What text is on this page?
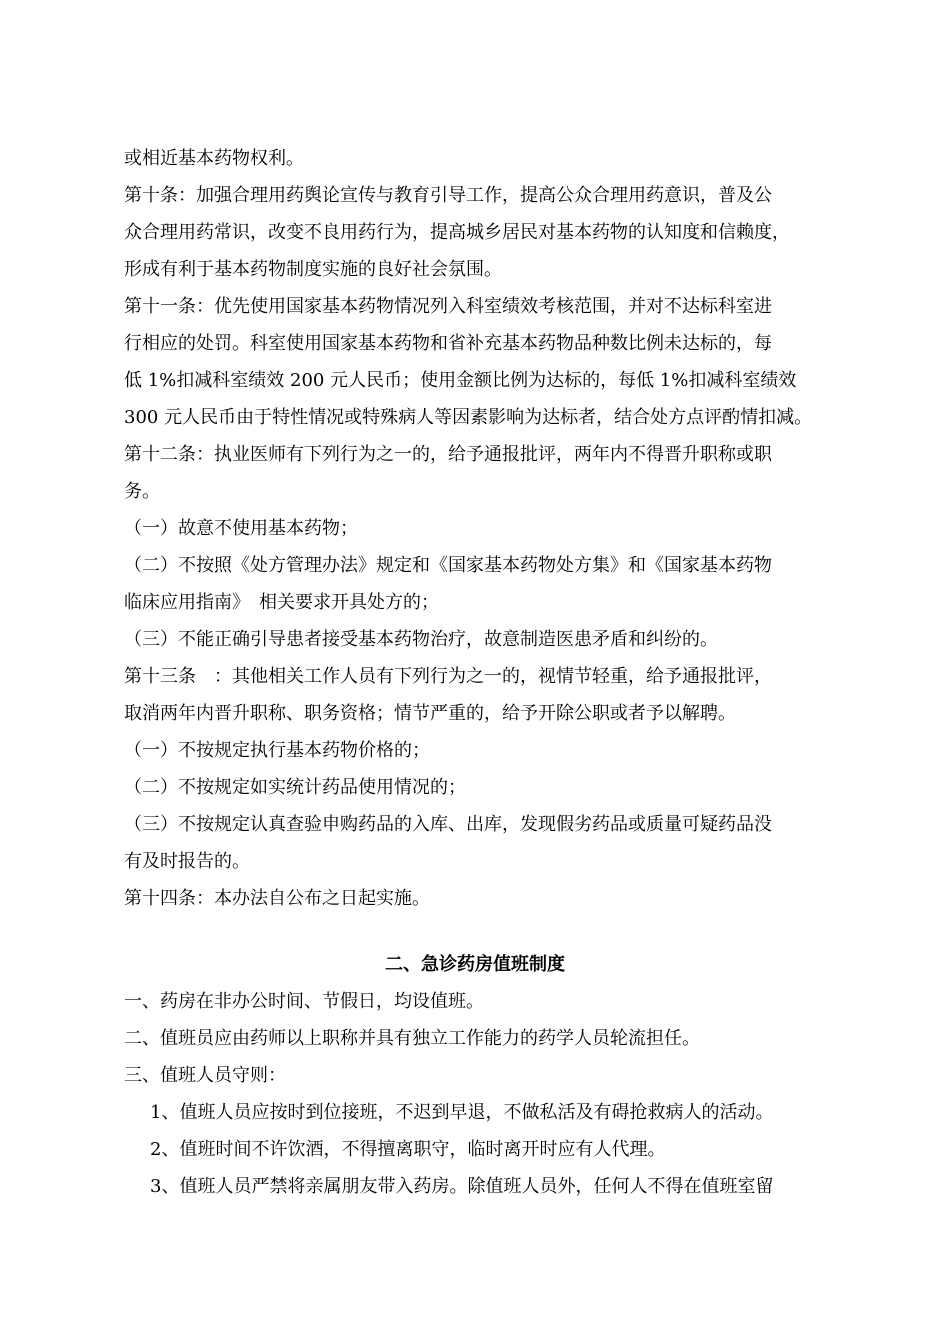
或相近基本药物权利。
第十条：加强合理用药舆论宣传与教育引导工作，提高公众合理用药意识，普及公
众合理用药常识，改变不良用药行为，提高城乡居民对基本药物的认知度和信赖度，
形成有利于基本药物制度实施的良好社会氛围。
第十一条：优先使用国家基本药物情况列入科室绩效考核范围，并对不达标科室进
行相应的处罚。科室使用国家基本药物和省补充基本药物品种数比例未达标的，每
低 1%扣减科室绩效 200 元人民币；使用金额比例为达标的，每低 1%扣减科室绩效
300 元人民币由于特性情况或特殊病人等因素影响为达标者，结合处方点评酌情扣减。
第十二条：执业医师有下列行为之一的，给予通报批评，两年内不得晋升职称或职
务。
（一）故意不使用基本药物；
（二）不按照《处方管理办法》规定和《国家基本药物处方集》和《国家基本药物
临床应用指南》　相关要求开具处方的；
（三）不能正确引导患者接受基本药物治疗，故意制造医患矛盾和纠纷的。
第十三条　：其他相关工作人员有下列行为之一的，视情节轻重，给予通报批评，
取消两年内晋升职称、职务资格；情节严重的，给予开除公职或者予以解聘。
（一）不按规定执行基本药物价格的；
（二）不按规定如实统计药品使用情况的；
（三）不按规定认真查验申购药品的入库、出库，发现假劣药品或质量可疑药品没
有及时报告的。
第十四条：本办法自公布之日起实施。
二、急诊药房值班制度
一、药房在非办公时间、节假日，均设值班。
二、值班员应由药师以上职称并具有独立工作能力的药学人员轮流担任。
三、值班人员守则：
1、值班人员应按时到位接班，不迟到早退，不做私活及有碍抢救病人的活动。
2、值班时间不许饮酒，不得擅离职守，临时离开时应有人代理。
3、值班人员严禁将亲属朋友带入药房。除值班人员外，任何人不得在值班室留
